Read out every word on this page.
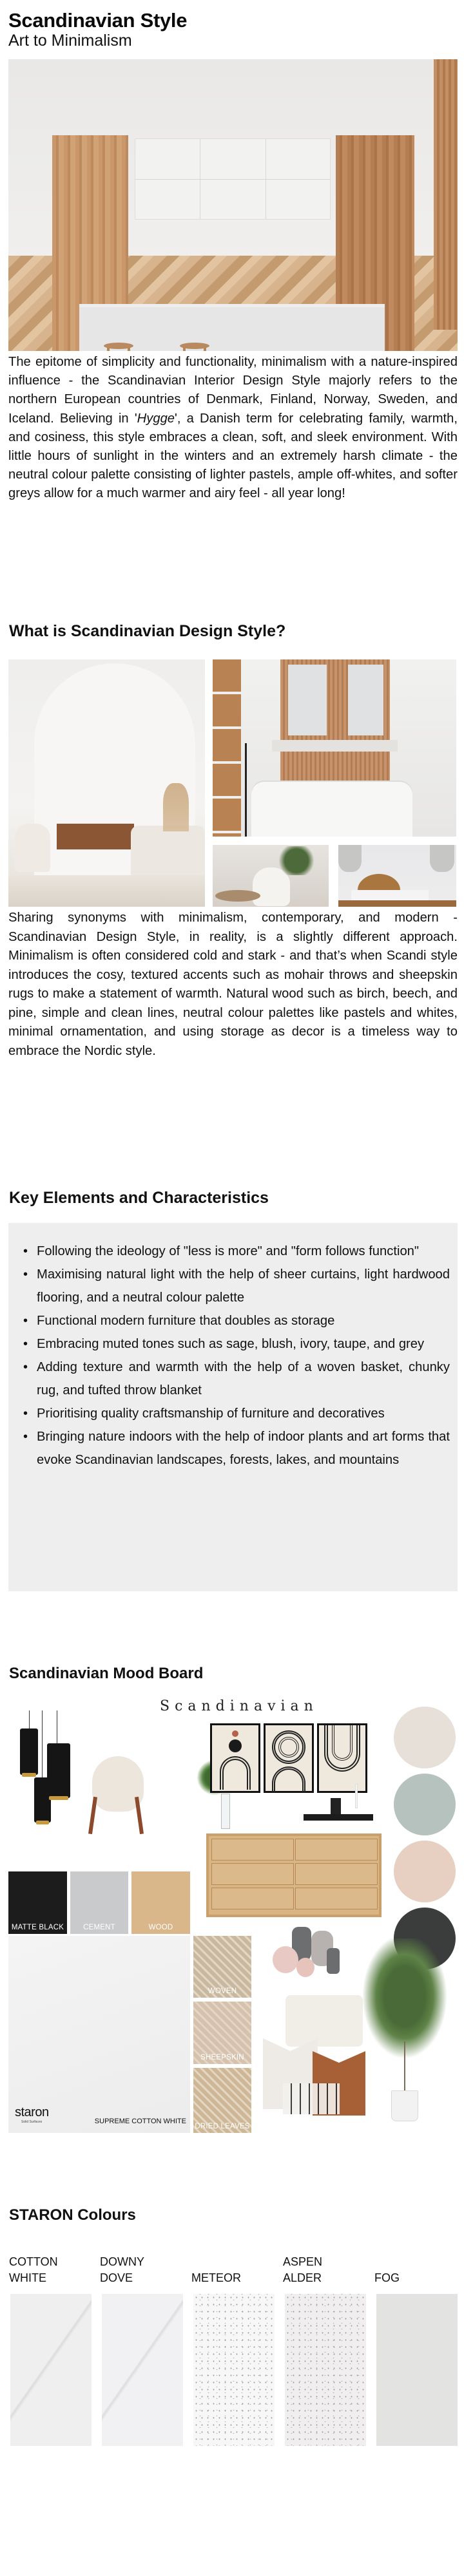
Scandinavian Style
Art to Minimalism

The epitome of simplicity and functionality, minimalism with a nature-inspired influence - the Scandinavian Interior Design Style majorly refers to the northern European countries of Denmark, Finland, Norway, Sweden, and Iceland. Believing in 'Hygge', a Danish term for celebrating family, warmth, and cosiness, this style embraces a clean, soft, and sleek environment. With little hours of sunlight in the winters and an extremely harsh climate - the neutral colour palette consisting of lighter pastels, ample off-whites, and softer greys allow for a much warmer and airy feel - all year long!

What is Scandinavian Design Style?

Sharing synonyms with minimalism, contemporary, and modern - Scandinavian Design Style, in reality, is a slightly different approach. Minimalism is often considered cold and stark - and that’s when Scandi style introduces the cosy, textured accents such as mohair throws and sheepskin rugs to make a statement of warmth. Natural wood such as birch, beech, and pine, simple and clean lines, neutral colour palettes like pastels and whites, minimal ornamentation, and using storage as decor is a timeless way to embrace the Nordic style.

Key Elements and Characteristics
• Following the ideology of "less is more" and "form follows function"
• Maximising natural light with the help of sheer curtains, light hardwood flooring, and a neutral colour palette
• Functional modern furniture that doubles as storage
• Embracing muted tones such as sage, blush, ivory, taupe, and grey
• Adding texture and warmth with the help of a woven basket, chunky rug, and tufted throw blanket
• Prioritising quality craftsmanship of furniture and decoratives
• Bringing nature indoors with the help of indoor plants and art forms that evoke Scandinavian landscapes, forests, lakes, and mountains
Scandinavian Mood Board
Scandinavian
MATTE BLACK	CEMENT	WOOD
staron
Solid Surfaces	SUPREME COTTON WHITE
WOVEN
SHEEPSKIN
DRIED LEAVES
STARON Colours
COTTON
WHITE
DOWNY
DOVE	METEOR
ASPEN
ALDER	FOG
